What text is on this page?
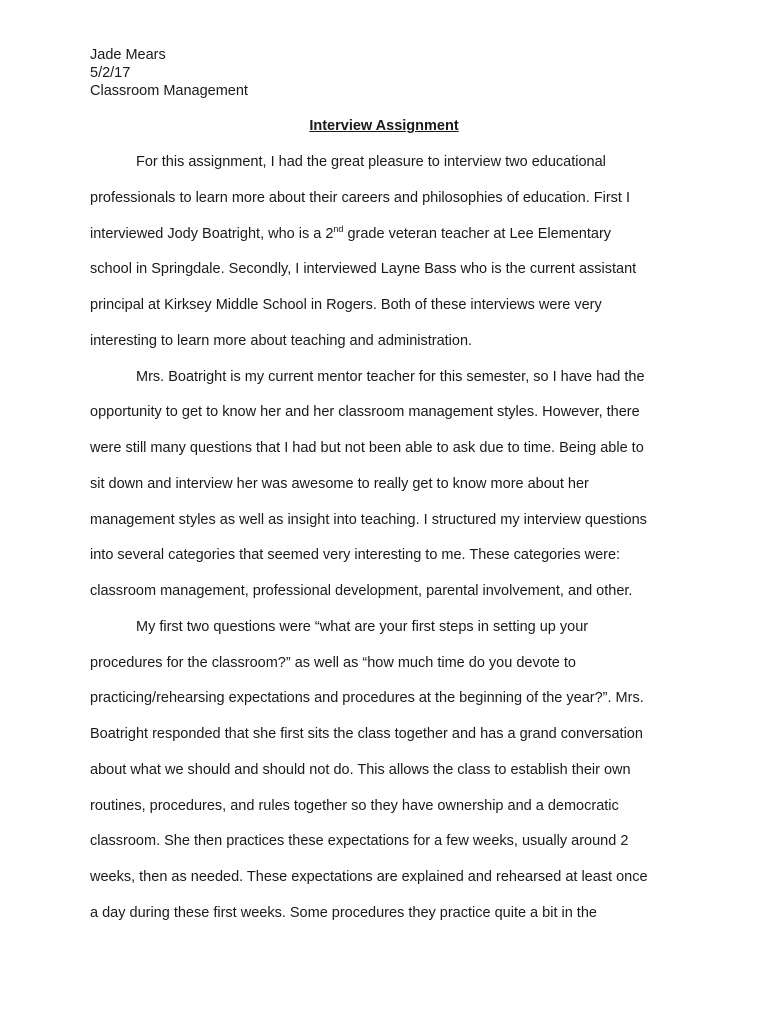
Jade Mears
5/2/17
Classroom Management
Interview Assignment
For this assignment, I had the great pleasure to interview two educational
professionals to learn more about their careers and philosophies of education. First I
interviewed Jody Boatright, who is a 2nd grade veteran teacher at Lee Elementary
school in Springdale. Secondly, I interviewed Layne Bass who is the current assistant
principal at Kirksey Middle School in Rogers. Both of these interviews were very
interesting to learn more about teaching and administration.
Mrs. Boatright is my current mentor teacher for this semester, so I have had the
opportunity to get to know her and her classroom management styles. However, there
were still many questions that I had but not been able to ask due to time. Being able to
sit down and interview her was awesome to really get to know more about her
management styles as well as insight into teaching. I structured my interview questions
into several categories that seemed very interesting to me. These categories were:
classroom management, professional development, parental involvement, and other.
My first two questions were “what are your first steps in setting up your
procedures for the classroom?” as well as “how much time do you devote to
practicing/rehearsing expectations and procedures at the beginning of the year?”. Mrs.
Boatright responded that she first sits the class together and has a grand conversation
about what we should and should not do. This allows the class to establish their own
routines, procedures, and rules together so they have ownership and a democratic
classroom. She then practices these expectations for a few weeks, usually around 2
weeks, then as needed. These expectations are explained and rehearsed at least once
a day during these first weeks. Some procedures they practice quite a bit in the
